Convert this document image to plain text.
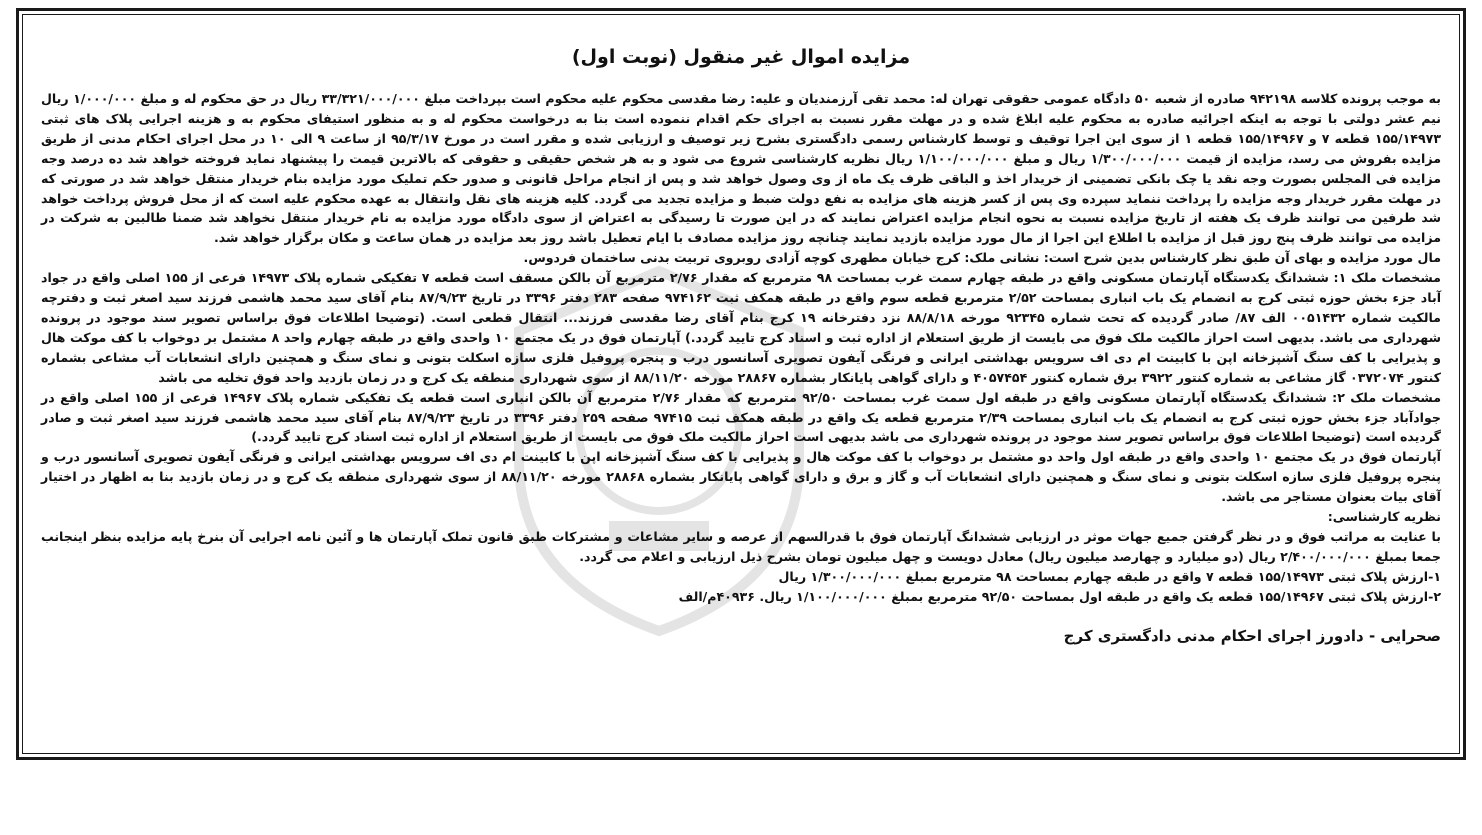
مزایده اموال غیر منقول (نوبت اول)

به موجب پرونده کلاسه ۹۴۲۱۹۸ صادره از شعبه ۵۰ دادگاه عمومی حقوقی تهران له: محمد تقی آرزمندیان و علیه: رضا مقدسی محکوم علیه محکوم است بپرداخت مبلغ ۳۳/۳۲۱/۰۰۰/۰۰۰ ریال در حق محکوم له و مبلغ ۱/۰۰۰/۰۰۰ ریال نیم عشر دولتی با توجه به اینکه اجرائیه صادره به محکوم علیه ابلاغ شده و در مهلت مقرر نسبت به اجرای حکم اقدام ننموده است بنا به درخواست محکوم له و به منظور استیفای محکوم به و هزینه اجرایی پلاک های ثبتی ۱۵۵/۱۴۹۷۳ قطعه ۷ و ۱۵۵/۱۴۹۶۷ قطعه ۱ از سوی این اجرا توقیف و توسط کارشناس رسمی دادگستری بشرح زیر توصیف و ارزیابی شده و مقرر است در مورخ ۹۵/۳/۱۷ از ساعت ۹ الی ۱۰ در محل اجرای احکام مدنی از طریق مزایده بفروش می رسد، مزایده از قیمت ۱/۳۰۰/۰۰۰/۰۰۰ ریال و مبلغ ۱/۱۰۰/۰۰۰/۰۰۰ ریال نظریه کارشناسی شروع می شود و به هر شخص حقیقی و حقوقی که بالاترین قیمت را پیشنهاد نماید فروخته خواهد شد ده درصد وجه مزایده فی المجلس بصورت وجه نقد یا چک بانکی تضمینی از خریدار اخذ و الباقی ظرف یک ماه از وی وصول خواهد شد و پس از انجام مراحل قانونی و صدور حکم تملیک مورد مزایده بنام خریدار منتقل خواهد شد در صورتی که در مهلت مقرر خریدار وجه مزایده را پرداخت ننماید سپرده وی پس از کسر هزینه های مزایده به نفع دولت ضبط و مزایده تجدید می گردد. کلیه هزینه های نقل وانتقال به عهده محکوم علیه است که از محل فروش پرداخت خواهد شد طرفین می توانند ظرف یک هفته از تاریخ مزایده نسبت به نحوه انجام مزایده اعتراض نمایند که در این صورت تا رسیدگی به اعتراض از سوی دادگاه مورد مزایده به نام خریدار منتقل نخواهد شد ضمنا طالبین به شرکت در مزایده می توانند ظرف پنج روز قبل از مزایده با اطلاع این اجرا از مال مورد مزایده بازدید نمایند چنانچه روز مزایده مصادف با ایام تعطیل باشد روز بعد مزایده در همان ساعت و مکان برگزار خواهد شد.

مال مورد مزایده و بهای آن طبق نظر کارشناس بدین شرح است: نشانی ملک: کرج خیابان مطهری کوچه آزادی روبروی تربیت بدنی ساختمان فردوس.

مشخصات ملک ۱: ششدانگ یکدستگاه آپارتمان مسکونی واقع در طبقه چهارم سمت غرب بمساحت ۹۸ مترمربع که مقدار ۲/۷۶ مترمربع آن بالکن مسقف است قطعه ۷ تفکیکی شماره پلاک ۱۴۹۷۳ فرعی از ۱۵۵ اصلی واقع در جواد آباد جزء بخش حوزه ثبتی کرج به انضمام یک باب انباری بمساحت ۲/۵۲ مترمربع قطعه سوم واقع در طبقه همکف ثبت ۹۷۴۱۶۲ صفحه ۲۸۳ دفتر ۳۳۹۶ در تاریخ ۸۷/۹/۲۳ بنام آقای سید محمد هاشمی فرزند سید اصغر ثبت و دفترچه مالکیت شماره ۰۰۵۱۴۳۲ الف ۸۷/ صادر گردیده که تحت شماره ۹۲۳۴۵ مورخه ۸۸/۸/۱۸ نزد دفترخانه ۱۹ کرج بنام آقای رضا مقدسی فرزند... انتقال قطعی است. (توضیحا اطلاعات فوق براساس تصویر سند موجود در پرونده شهرداری می باشد. بدیهی است احراز مالکیت ملک فوق می بایست از طریق استعلام از اداره ثبت و اسناد کرج تایید گردد.) آپارتمان فوق در یک مجتمع ۱۰ واحدی واقع در طبقه چهارم واحد ۸ مشتمل بر دوخواب با کف موکت هال و پذیرایی با کف سنگ آشپزخانه اپن با کابینت ام دی اف سرویس بهداشتی ایرانی و فرنگی آیفون تصویری آسانسور درب و پنجره پروفیل فلزی سازه اسکلت بتونی و نمای سنگ و همچنین دارای انشعابات آب مشاعی بشماره کنتور ۰۳۷۲۰۷۴ گاز مشاعی به شماره کنتور ۳۹۲۲ برق شماره کنتور ۴۰۵۷۴۵۴ و دارای گواهی پایانکار بشماره ۲۸۸۶۷ مورخه ۸۸/۱۱/۲۰ از سوی شهرداری منطقه یک کرج و در زمان بازدید واحد فوق تخلیه می باشد

مشخصات ملک ۲: ششدانگ یکدستگاه آپارتمان مسکونی واقع در طبقه اول سمت غرب بمساحت ۹۲/۵۰ مترمربع که مقدار ۲/۷۶ مترمربع آن بالکن انباری است قطعه یک تفکیکی شماره پلاک ۱۴۹۶۷ فرعی از ۱۵۵ اصلی واقع در جوادآباد جزء بخش حوزه ثبتی کرج به انضمام یک باب انباری بمساحت ۲/۳۹ مترمربع قطعه یک واقع در طبقه همکف ثبت ۹۷۴۱۵ صفحه ۲۵۹ دفتر ۳۳۹۶ در تاریخ ۸۷/۹/۲۳ بنام آقای سید محمد هاشمی فرزند سید اصغر ثبت و صادر گردیده است (توضیحا اطلاعات فوق براساس تصویر سند موجود در پرونده شهرداری می باشد بدیهی است احراز مالکیت ملک فوق می بایست از طریق استعلام از اداره ثبت اسناد کرج تایید گردد.)

آپارتمان فوق در یک مجتمع ۱۰ واحدی واقع در طبقه اول واحد دو مشتمل بر دوخواب با کف موکت هال و پذیرایی با کف سنگ آشپزخانه اپن با کابینت ام دی اف سرویس بهداشتی ایرانی و فرنگی آیفون تصویری آسانسور درب و پنجره پروفیل فلزی سازه اسکلت بتونی و نمای سنگ و همچنین دارای انشعابات آب و گاز و برق و دارای گواهی پایانکار بشماره ۲۸۸۶۸ مورخه ۸۸/۱۱/۲۰ از سوی شهرداری منطقه یک کرج و در زمان بازدید بنا به اظهار در اختیار آقای بیات بعنوان مستاجر می باشد.

نظریه کارشناسی:

با عنایت به مراتب فوق و در نظر گرفتن جمیع جهات موثر در ارزیابی ششدانگ آپارتمان فوق با قدرالسهم از عرصه و سایر مشاعات و مشترکات طبق قانون تملک آپارتمان ها و آئین نامه اجرایی آن بنرخ پایه مزایده بنظر اینجانب جمعا بمبلغ ۲/۴۰۰/۰۰۰/۰۰۰ ریال (دو میلیارد و چهارصد میلیون ریال) معادل دویست و چهل میلیون تومان بشرح ذیل ارزیابی و اعلام می گردد.

۱-ارزش پلاک ثبتی ۱۵۵/۱۴۹۷۳ قطعه ۷ واقع در طبقه چهارم بمساحت ۹۸ مترمربع بمبلغ ۱/۳۰۰/۰۰۰/۰۰۰ ریال

۲-ارزش پلاک ثبتی ۱۵۵/۱۴۹۶۷ قطعه یک واقع در طبقه اول بمساحت ۹۲/۵۰ مترمربع بمبلغ ۱/۱۰۰/۰۰۰/۰۰۰ ریال. ۴۰۹۳۶م/الف

صحرایی - دادورز اجرای احکام مدنی دادگستری کرج
